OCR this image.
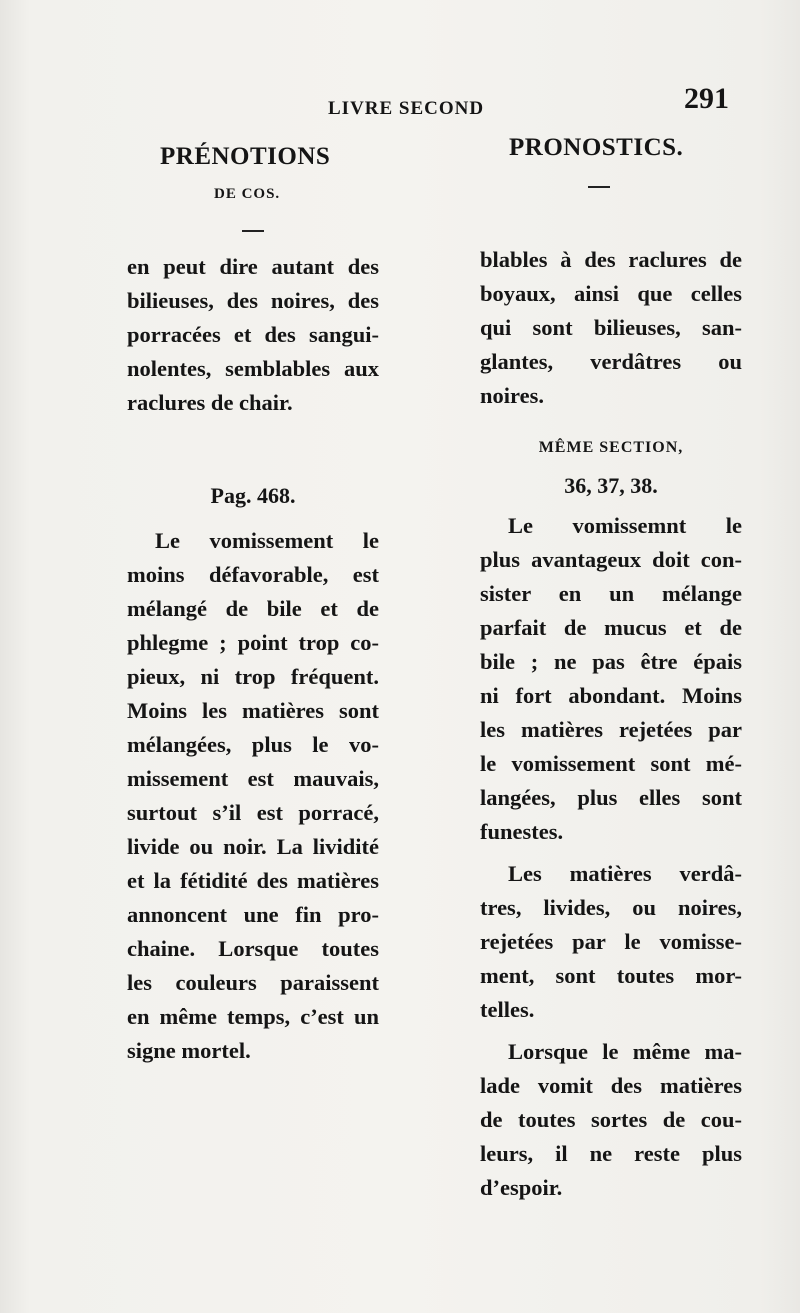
LIVRE SECOND	291
PRÉNOTIONS
DE COS.
PRONOSTICS.
en peut dire autant des
bilieuses, des noires, des
porracées et des sangui-
nolentes, semblables aux
raclures de chair.
Pag. 468.
Le vomissement le
moins défavorable, est
mélangé de bile et de
phlegme ; point trop co-
pieux, ni trop fréquent.
Moins les matières sont
mélangées, plus le vo-
missement est mauvais,
surtout s’il est porracé,
livide ou noir. La lividité
et la fétidité des matières
annoncent une fin pro-
chaine. Lorsque toutes
les couleurs paraissent
en même temps, c’est un
signe mortel.
blables à des raclures de
boyaux, ainsi que celles
qui sont bilieuses, san-
glantes, verdâtres ou
noires.
MÊME SECTION,
36, 37, 38.
Le vomissemnt le
plus avantageux doit con-
sister en un mélange
parfait de mucus et de
bile ; ne pas être épais
ni fort abondant. Moins
les matières rejetées par
le vomissement sont mé-
langées, plus elles sont
funestes.
Les matières verdâ-
tres, livides, ou noires,
rejetées par le vomisse-
ment, sont toutes mor-
telles.
Lorsque le même ma-
lade vomit des matières
de toutes sortes de cou-
leurs, il ne reste plus
d’espoir.
